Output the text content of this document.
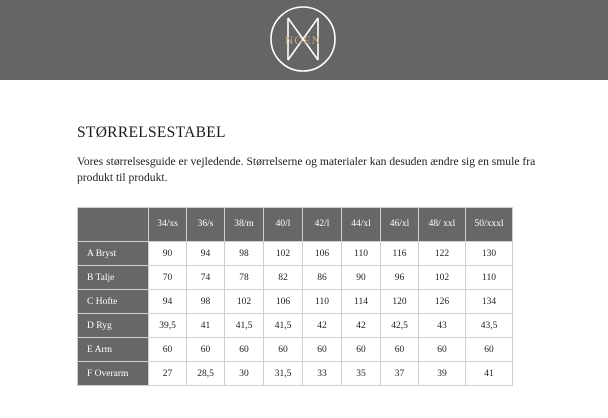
NOEN
STØRRELSESTABEL
Vores størrelsesguide er vejledende. Størrelserne og materialer kan desuden ændre sig en smule fra produkt til produkt.
	34/xs	36/s	38/m	40/l	42/l	44/xl	46/xl	48/ xxl	50/xxxl
A Bryst	90	94	98	102	106	110	116	122	130
B Talje	70	74	78	82	86	90	96	102	110
C Hofte	94	98	102	106	110	114	120	126	134
D Ryg	39,5	41	41,5	41,5	42	42	42,5	43	43,5
E Arm	60	60	60	60	60	60	60	60	60
F Overarm	27	28,5	30	31,5	33	35	37	39	41
